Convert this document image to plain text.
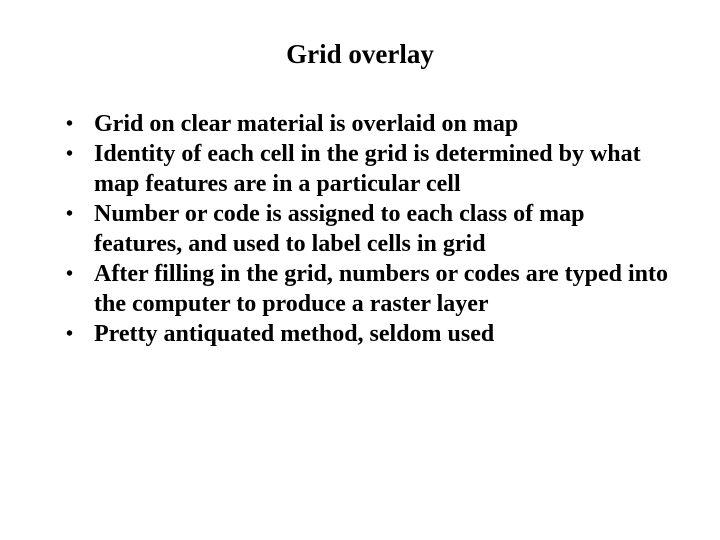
Grid overlay
• Grid on clear material is overlaid on map
• Identity of each cell in the grid is determined by what map features are in a particular cell
• Number or code is assigned to each class of map features, and used to label cells in grid
• After filling in the grid, numbers or codes are typed into the computer to produce a raster layer
• Pretty antiquated method, seldom used
